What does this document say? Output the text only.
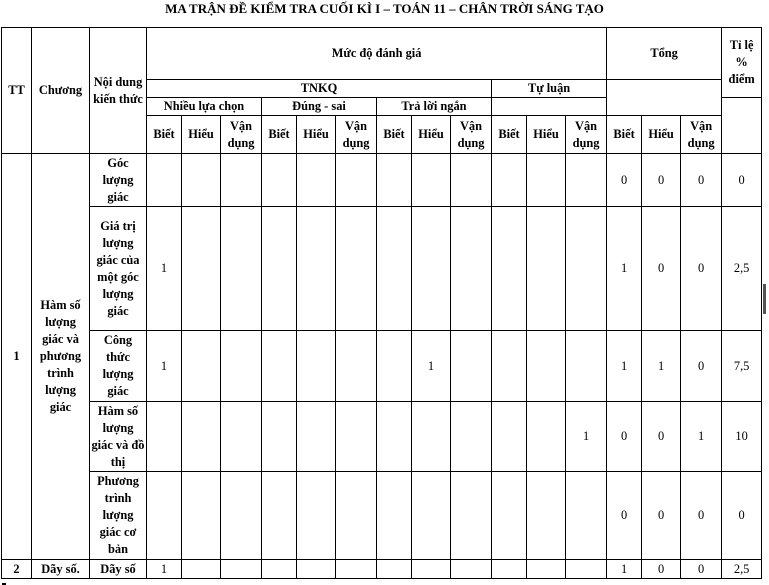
MA TRẬN ĐỀ KIỂM TRA CUỐI KÌ I – TOÁN 11 – CHÂN TRỜI SÁNG TẠO
TT	Chương	Nội dung kiến thức	Mức độ đánh giá												Tổng			Tỉ lệ % điểm
			TNKQ									Tự luận						
			Nhiều lựa chọn			Đúng - sai			Trả lời ngắn									
			Biết	Hiểu	Vận dụng	Biết	Hiểu	Vận dụng	Biết	Hiểu	Vận dụng	Biết	Hiểu	Vận dụng	Biết	Hiểu	Vận dụng	
1	Hàm số lượng giác và phương trình lượng giác	Góc lượng giác													0	0	0	0
		Giá trị lượng giác của một góc lượng giác	1												1	0	0	2,5
		Công thức lượng giác	1							1					1	1	0	7,5
		Hàm số lượng giác và đồ thị												1	0	0	1	10
		Phương trình lượng giác cơ bản													0	0	0	0
2	Dãy số.	Dãy số	1												1	0	0	2,5
